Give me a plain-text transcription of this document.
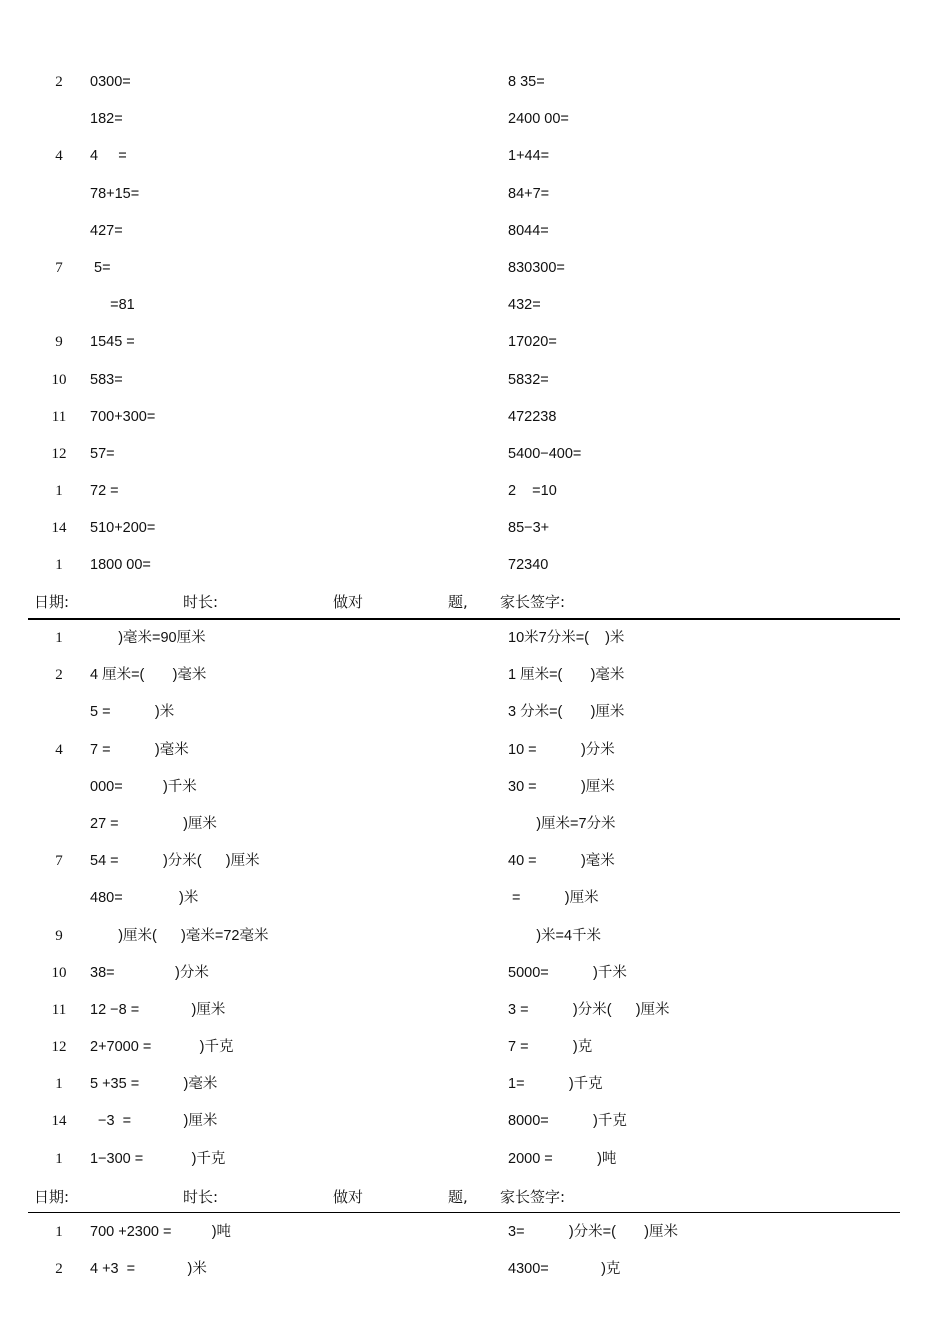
2	0300=	8 35=
182=	2400 00=
4	4     =	1+44=
78+15=	84+7=
427=	8044=
7	5=	830300=
=81	432=
9	1545 =	17020=
10	583=	5832=
11	700+300=	472238
12	57=	5400−400=
1	72 =	2    =10
14	510+200=	85−3+
1	1800 00=	72340
日期:	时长:	做对	题, 家长签字:
1	)毫米=90厘米	10米7分米=(    )米
2	4 厘米=(       )毫米	1 厘米=(       )毫米
5 =           )米	3 分米=(       )厘米
4	7 =           )毫米	10 =           )分米
000=          )千米	30 =           )厘米
27 =                )厘米	)厘米=7分米
7	54 =           )分米(      )厘米	40 =           )毫米
480=              )米	=           )厘米
9	)厘米(      )毫米=72毫米	)米=4千米
10	38=               )分米	5000=           )千米
11	12 −8 =             )厘米	3 =           )分米(      )厘米
12	2+7000 =            )千克	7 =           )克
1	5 +35 =           )毫米	1=           )千克
14	−3  =             )厘米	8000=           )千克
1	1−300 =            )千克	2000 =           )吨
日期:	时长:	做对	题, 家长签字:
1	700 +2300 =          )吨	3=           )分米=(       )厘米
2	4 +3  =             )米	4300=             )克
